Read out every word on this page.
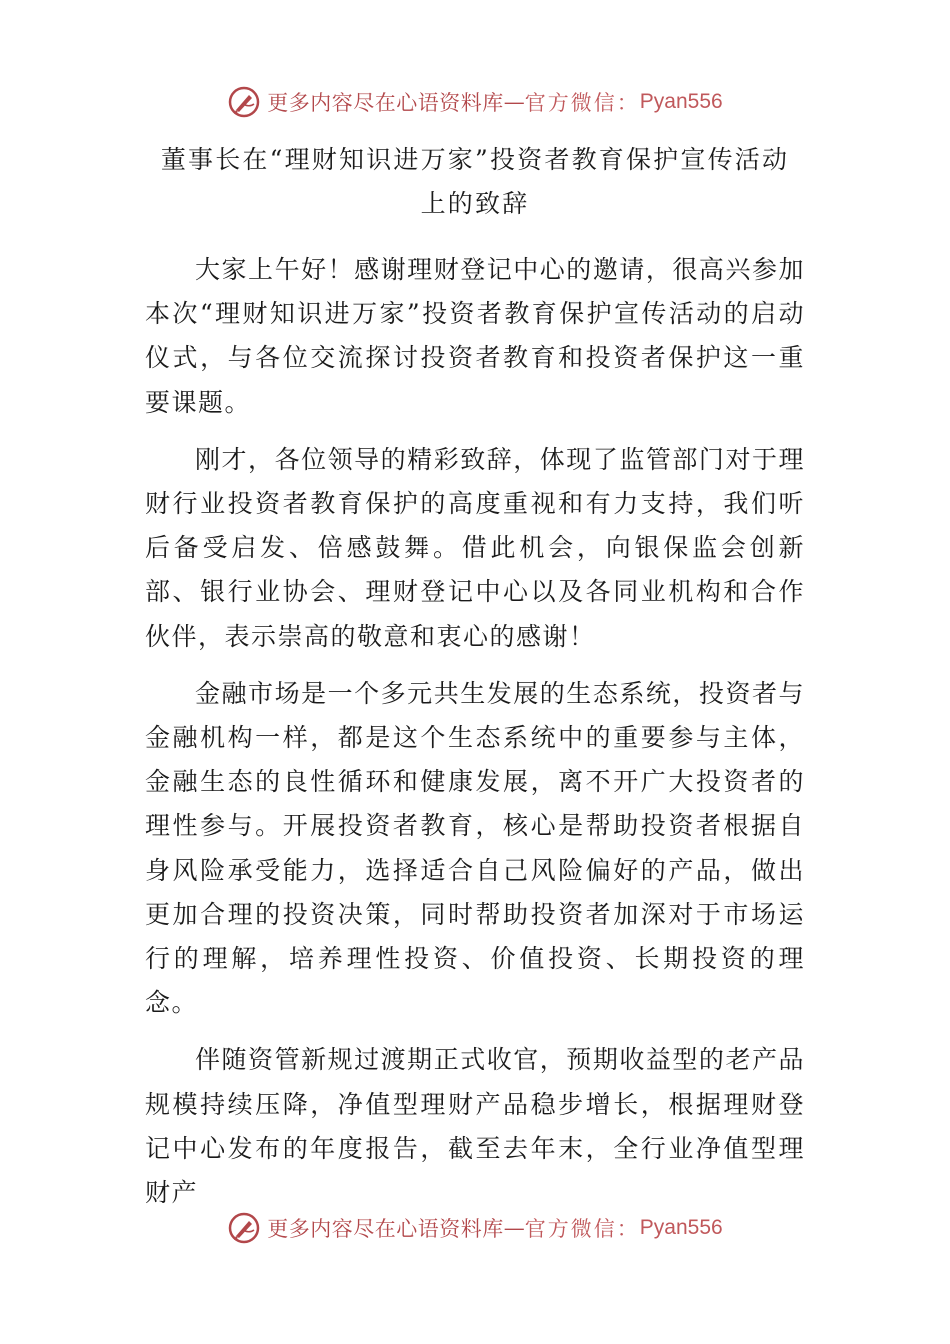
更多内容尽在心语资料库 — 官方微信： Pyan556
董事长在“理财知识进万家”投资者教育保护宣传活动上的致辞

大家上午好！感谢理财登记中心的邀请，很高兴参加本次“理财知识进万家”投资者教育保护宣传活动的启动仪式，与各位交流探讨投资者教育和投资者保护这一重要课题。

刚才，各位领导的精彩致辞，体现了监管部门对于理财行业投资者教育保护的高度重视和有力支持，我们听后备受启发、倍感鼓舞。借此机会，向银保监会创新部、银行业协会、理财登记中心以及各同业机构和合作伙伴，表示崇高的敬意和衷心的感谢！

金融市场是一个多元共生发展的生态系统，投资者与金融机构一样，都是这个生态系统中的重要参与主体，金融生态的良性循环和健康发展，离不开广大投资者的理性参与。开展投资者教育，核心是帮助投资者根据自身风险承受能力，选择适合自己风险偏好的产品，做出更加合理的投资决策，同时帮助投资者加深对于市场运行的理解，培养理性投资、价值投资、长期投资的理念。

伴随资管新规过渡期正式收官，预期收益型的老产品规模持续压降，净值型理财产品稳步增长，根据理财登记中心发布的年度报告，截至去年末，全行业净值型理财产

更多内容尽在心语资料库 — 官方微信： Pyan556
